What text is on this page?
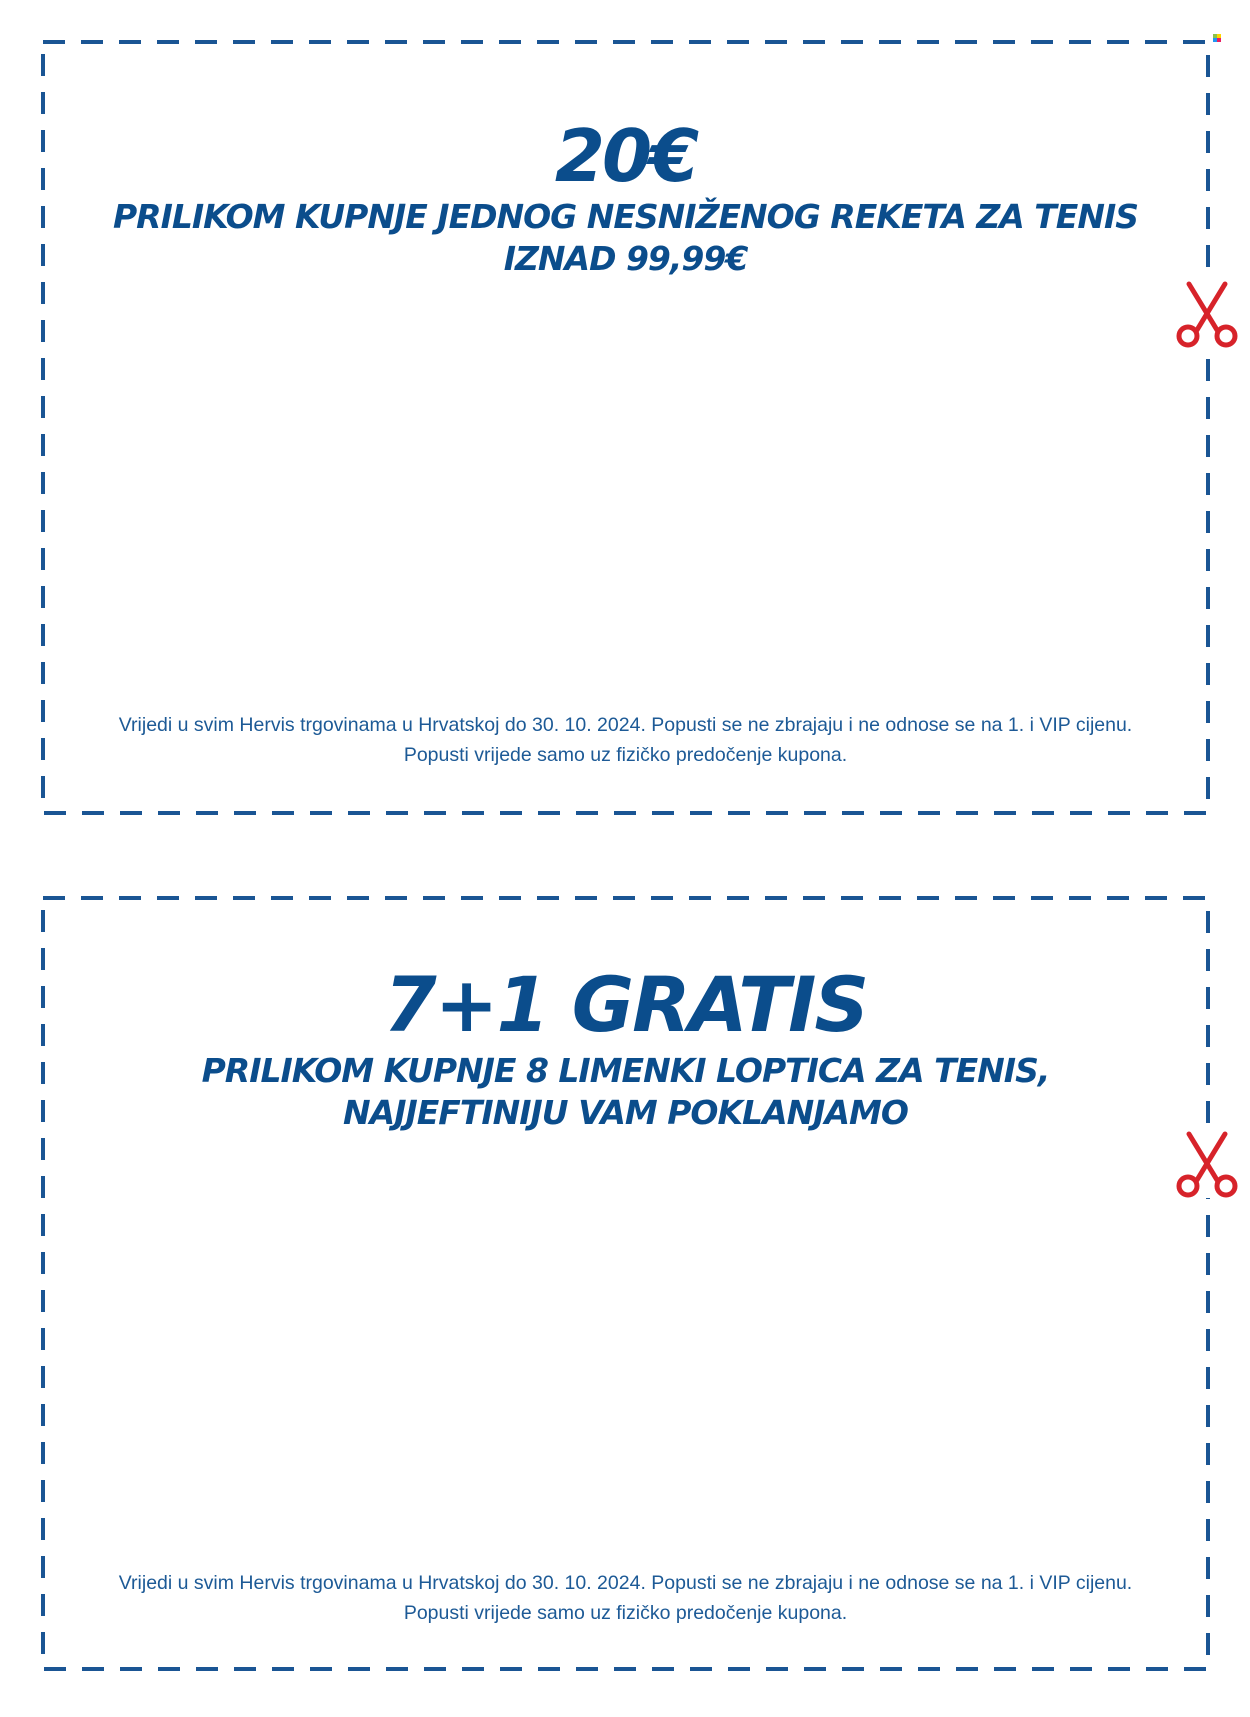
20€
PRILIKOM KUPNJE JEDNOG NESNIŽENOG REKETA ZA TENIS
IZNAD 99,99€
Vrijedi u svim Hervis trgovinama u Hrvatskoj do 30. 10. 2024. Popusti se ne zbrajaju i ne odnose se na 1. i VIP cijenu.
Popusti vrijede samo uz fizičko predočenje kupona.
7+1 GRATIS
PRILIKOM KUPNJE 8 LIMENKI LOPTICA ZA TENIS,
NAJJEFTINIJU VAM POKLANJAMO
Vrijedi u svim Hervis trgovinama u Hrvatskoj do 30. 10. 2024. Popusti se ne zbrajaju i ne odnose se na 1. i VIP cijenu.
Popusti vrijede samo uz fizičko predočenje kupona.
